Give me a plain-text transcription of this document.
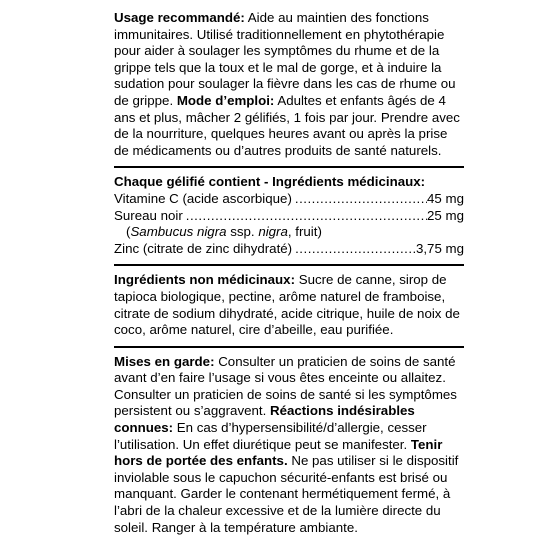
Usage recommandé: Aide au maintien des fonctions immunitaires. Utilisé traditionnellement en phytothérapie pour aider à soulager les symptômes du rhume et de la grippe tels que la toux et le mal de gorge, et à induire la sudation pour soulager la fièvre dans les cas de rhume ou de grippe. Mode d’emploi: Adultes et enfants âgés de 4 ans et plus, mâcher 2 gélifiés, 1 fois par jour. Prendre avec de la nourriture, quelques heures avant ou après la prise de médicaments ou d’autres produits de santé naturels.

Chaque gélifié contient - Ingrédients médicinaux:

Vitamine C (acide ascorbique) .....	45 mg
Sureau noir .....	25 mg
(Sambucus nigra ssp. nigra, fruit)
Zinc (citrate de zinc dihydraté) .....	3,75 mg

Ingrédients non médicinaux: Sucre de canne, sirop de tapioca biologique, pectine, arôme naturel de framboise, citrate de sodium dihydraté, acide citrique, huile de noix de coco, arôme naturel, cire d’abeille, eau purifiée.

Mises en garde: Consulter un praticien de soins de santé avant d’en faire l’usage si vous êtes enceinte ou allaitez. Consulter un praticien de soins de santé si les symptômes persistent ou s’aggravent. Réactions indésirables connues: En cas d’hypersensibilité/d’allergie, cesser l’utilisation. Un effet diurétique peut se manifester. Tenir hors de portée des enfants. Ne pas utiliser si le dispositif inviolable sous le capuchon sécurité-enfants est brisé ou manquant. Garder le contenant hermétiquement fermé, à l’abri de la chaleur excessive et de la lumière directe du soleil. Ranger à la température ambiante.
